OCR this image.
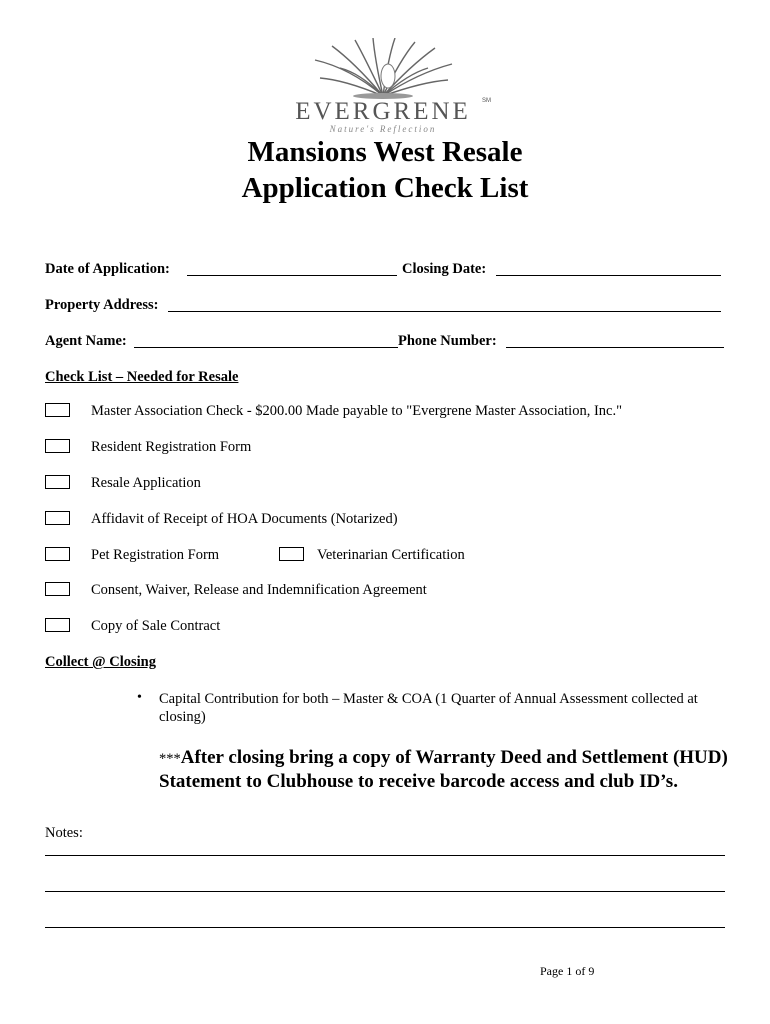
EVERGRENE	SM
Nature's Reflection
Mansions West Resale
Application Check List
Date of Application:	Closing Date:
Property Address:
Agent Name:	Phone Number:
Check List – Needed for Resale
Master Association Check - $200.00 Made payable to "Evergrene Master Association, Inc."
Resident Registration Form
Resale Application
Affidavit of Receipt of HOA Documents (Notarized)
Pet Registration Form	Veterinarian Certification
Consent, Waiver, Release and Indemnification Agreement
Copy of Sale Contract
Collect @ Closing
• Capital Contribution for both – Master & COA (1 Quarter of Annual Assessment collected at
closing)
***After closing bring a copy of Warranty Deed and Settlement (HUD)
Statement to Clubhouse to receive barcode access and club ID’s.
Notes:
Page 1 of 9
